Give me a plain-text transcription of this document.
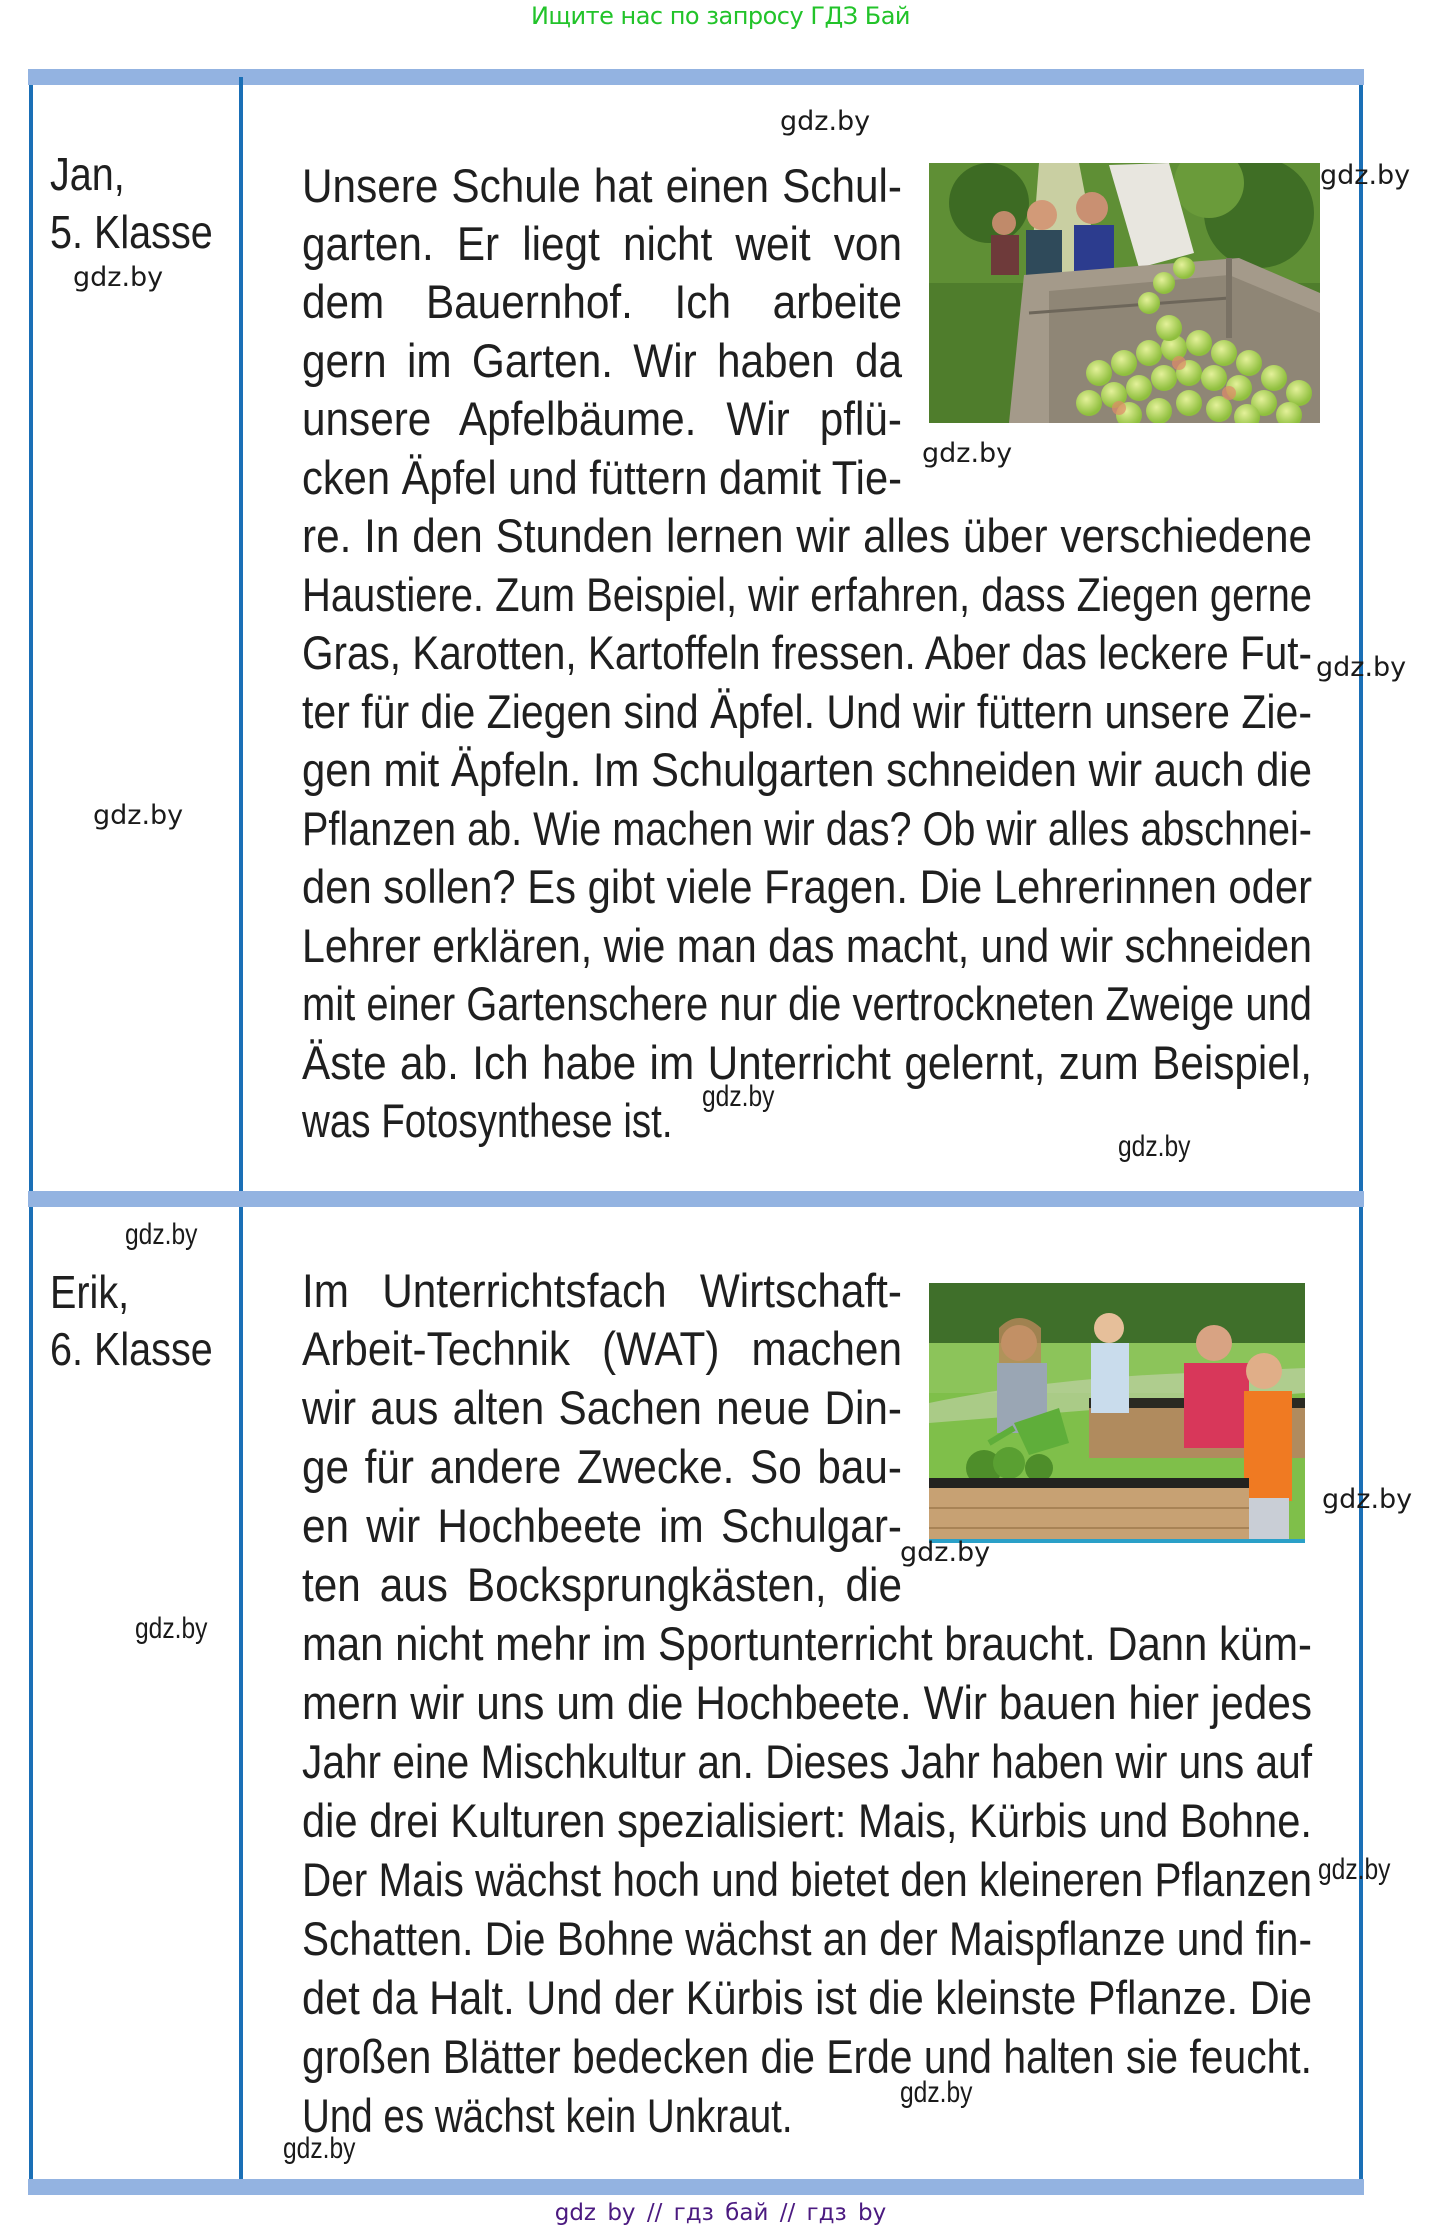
Ищите нас по запросу ГДЗ Бай
Jan,
5. Klasse
Unsere Schule hat einen Schul-
garten. Er liegt nicht weit von
dem Bauernhof. Ich arbeite
gern im Garten. Wir haben da
unsere Apfelbäume. Wir pflü-
cken Äpfel und füttern damit Tie-
re. In den Stunden lernen wir alles über verschiedene
Haustiere. Zum Beispiel, wir erfahren, dass Ziegen gerne
Gras, Karotten, Kartoffeln fressen. Aber das leckere Fut-
ter für die Ziegen sind Äpfel. Und wir füttern unsere Zie-
gen mit Äpfeln. Im Schulgarten schneiden wir auch die
Pflanzen ab. Wie machen wir das? Ob wir alles abschnei-
den sollen? Es gibt viele Fragen. Die Lehrerinnen oder
Lehrer erklären, wie man das macht, und wir schneiden
mit einer Gartenschere nur die vertrockneten Zweige und
Äste ab. Ich habe im Unterricht gelernt, zum Beispiel,
was Fotosynthese ist.
gdz.by
gdz.by
gdz.by
gdz.by
gdz.by
gdz.by
gdz.by
gdz.by
gdz.by
Erik,
6. Klasse
Im Unterrichtsfach Wirtschaft-
Arbeit-Technik (WAT) machen
wir aus alten Sachen neue Din-
ge für andere Zwecke. So bau-
en wir Hochbeete im Schulgar-
ten aus Bocksprungkästen, die
man nicht mehr im Sportunterricht braucht. Dann küm-
mern wir uns um die Hochbeete. Wir bauen hier jedes
Jahr eine Mischkultur an. Dieses Jahr haben wir uns auf
die drei Kulturen spezialisiert: Mais, Kürbis und Bohne.
Der Mais wächst hoch und bietet den kleineren Pflanzen
Schatten. Die Bohne wächst an der Maispflanze und fin-
det da Halt. Und der Kürbis ist die kleinste Pflanze. Die
großen Blätter bedecken die Erde und halten sie feucht.
Und es wächst kein Unkraut.
gdz.by
gdz.by
gdz.by
gdz.by
gdz.by
gdz.by
gdz by // гдз бай // гдз by
